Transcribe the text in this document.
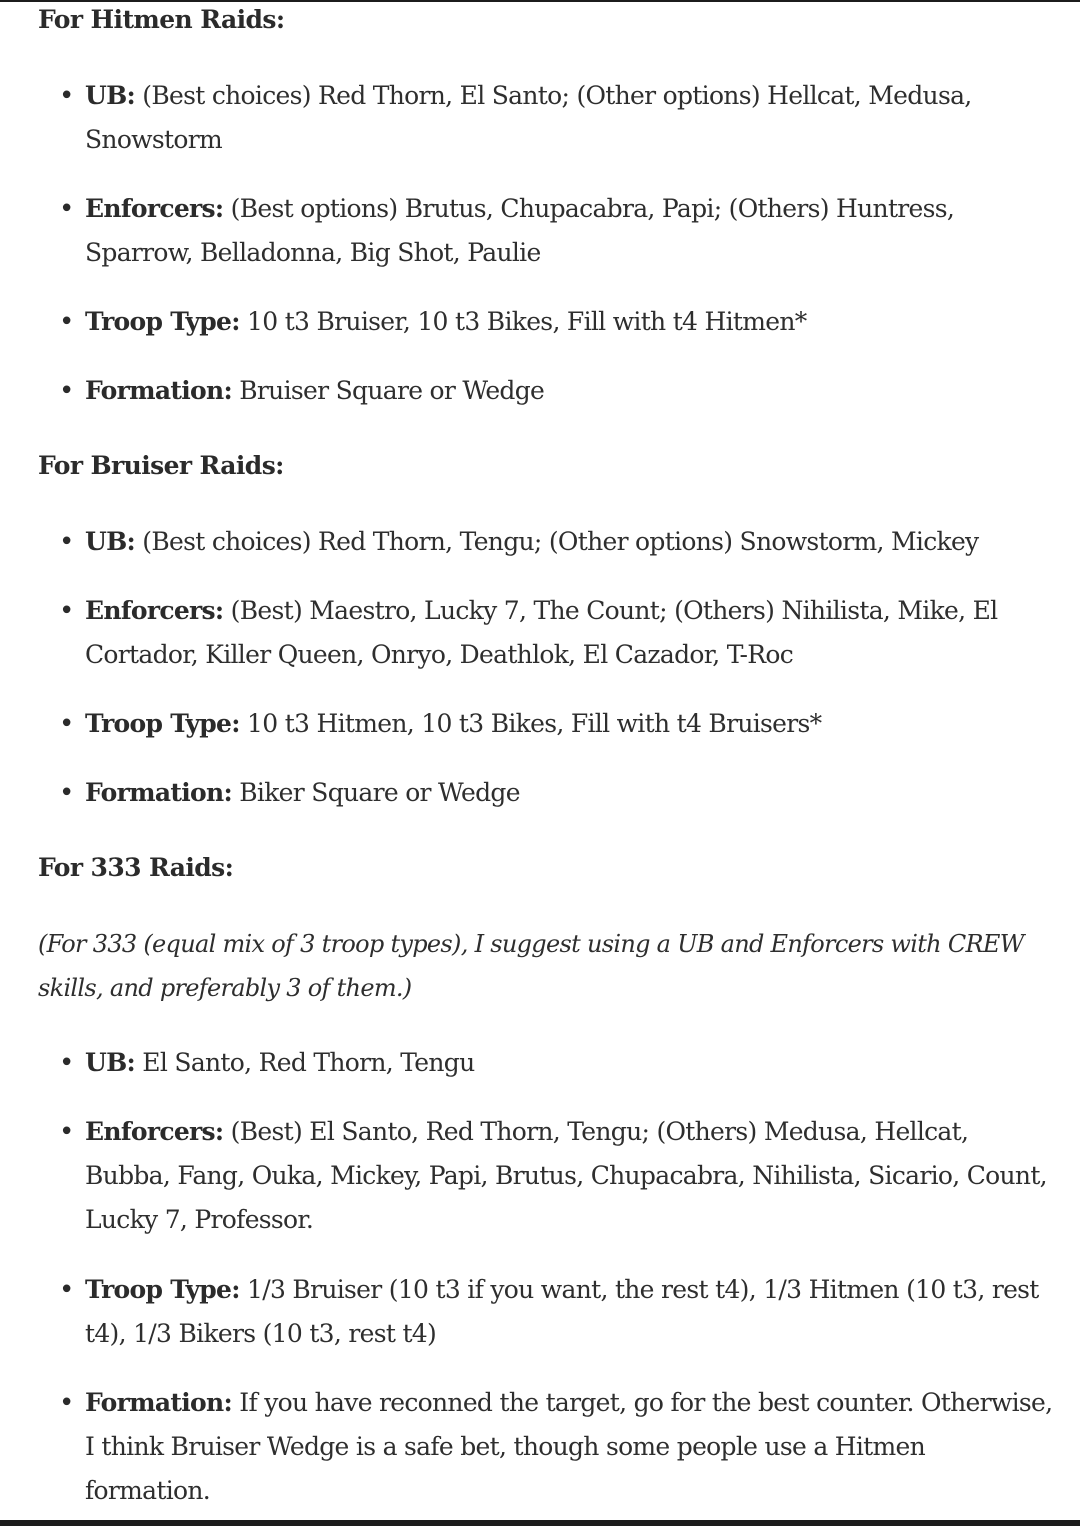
For Hitmen Raids:
• UB: (Best choices) Red Thorn, El Santo; (Other options) Hellcat, Medusa, Snowstorm
• Enforcers: (Best options) Brutus, Chupacabra, Papi; (Others) Huntress, Sparrow, Belladonna, Big Shot, Paulie
• Troop Type: 10 t3 Bruiser, 10 t3 Bikes, Fill with t4 Hitmen*
• Formation: Bruiser Square or Wedge
For Bruiser Raids:
• UB: (Best choices) Red Thorn, Tengu; (Other options) Snowstorm, Mickey
• Enforcers: (Best) Maestro, Lucky 7, The Count; (Others) Nihilista, Mike, El Cortador, Killer Queen, Onryo, Deathlok, El Cazador, T-Roc
• Troop Type: 10 t3 Hitmen, 10 t3 Bikes, Fill with t4 Bruisers*
• Formation: Biker Square or Wedge
For 333 Raids:
(For 333 (equal mix of 3 troop types), I suggest using a UB and Enforcers with CREW skills, and preferably 3 of them.)
• UB: El Santo, Red Thorn, Tengu
• Enforcers: (Best) El Santo, Red Thorn, Tengu; (Others) Medusa, Hellcat, Bubba, Fang, Ouka, Mickey, Papi, Brutus, Chupacabra, Nihilista, Sicario, Count, Lucky 7, Professor.
• Troop Type: 1/3 Bruiser (10 t3 if you want, the rest t4), 1/3 Hitmen (10 t3, rest t4), 1/3 Bikers (10 t3, rest t4)
• Formation: If you have reconned the target, go for the best counter. Otherwise, I think Bruiser Wedge is a safe bet, though some people use a Hitmen formation.
